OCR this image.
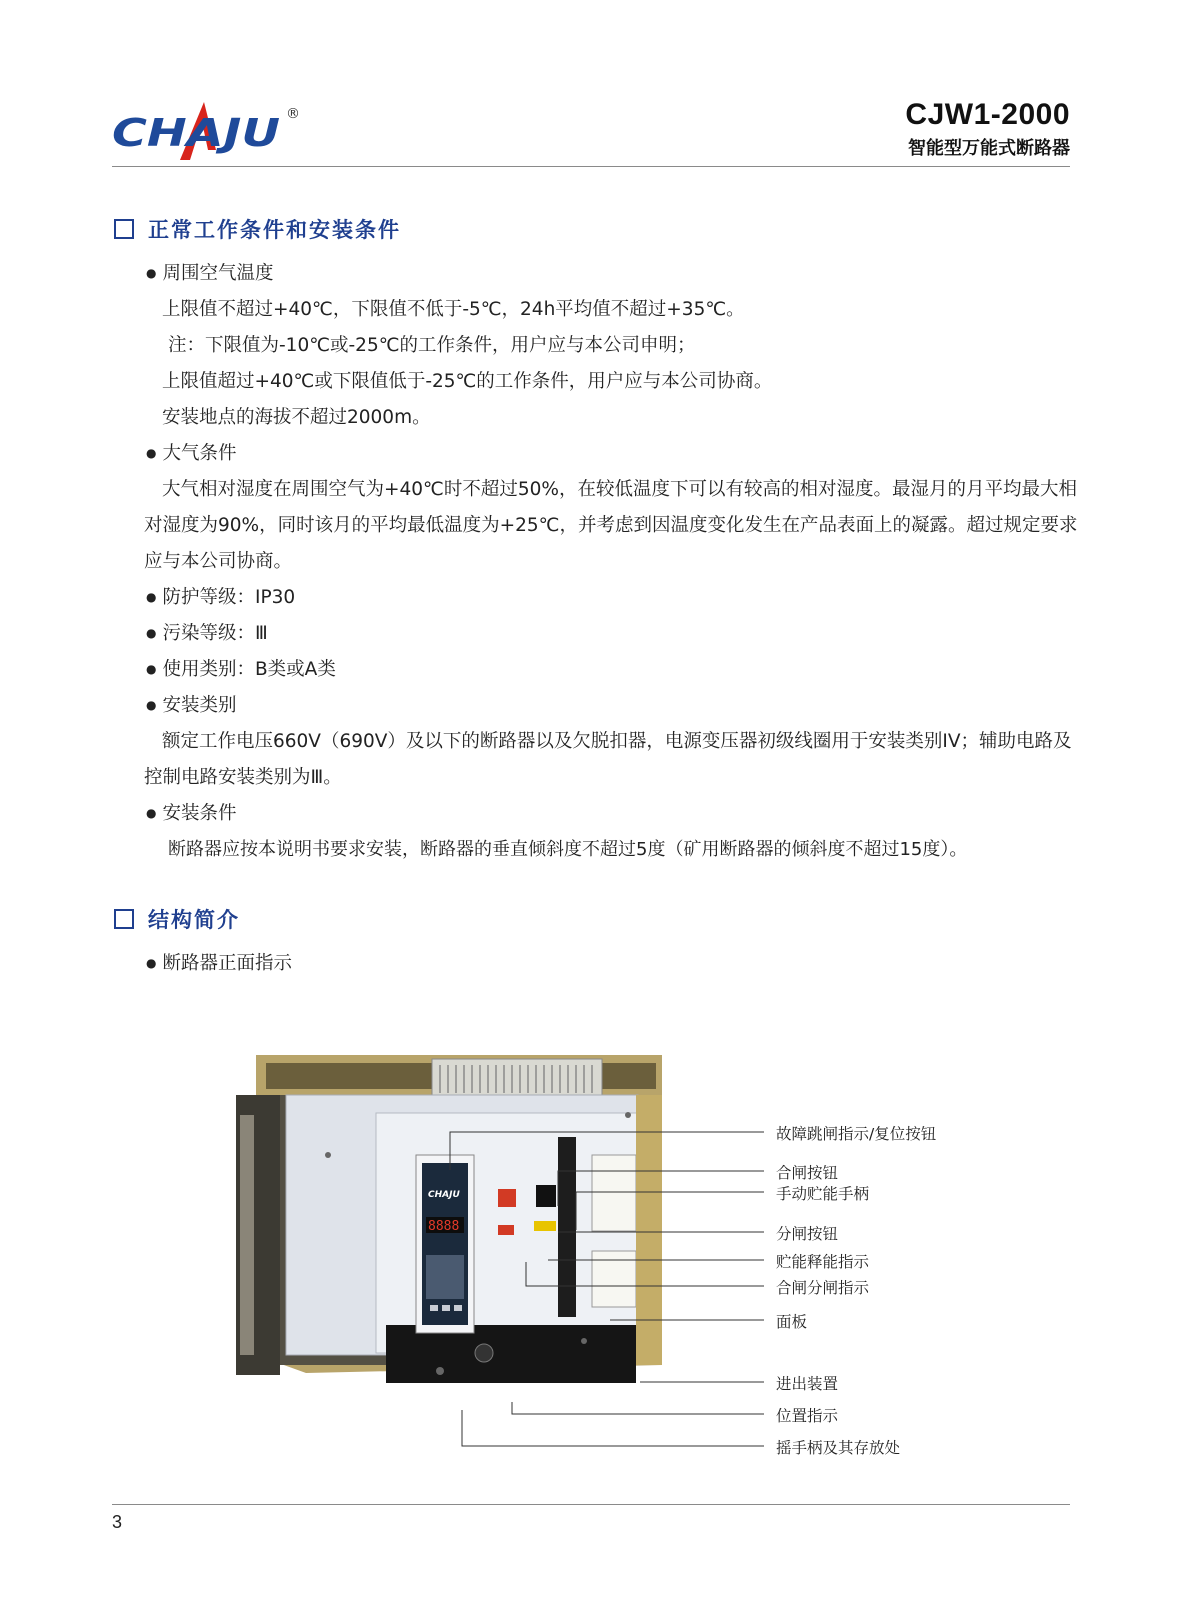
CHAJU ®	CJW1-2000
智能型万能式断路器
正常工作条件和安装条件
● 周围空气温度
上限值不超过+40℃，下限值不低于-5℃，24h平均值不超过+35℃。
注：下限值为-10℃或-25℃的工作条件，用户应与本公司申明；
上限值超过+40℃或下限值低于-25℃的工作条件，用户应与本公司协商。
安装地点的海拔不超过2000m。
● 大气条件
大气相对湿度在周围空气为+40℃时不超过50%，在较低温度下可以有较高的相对湿度。最湿月的月平均最大相对湿度为90%，同时该月的平均最低温度为+25℃，并考虑到因温度变化发生在产品表面上的凝露。超过规定要求应与本公司协商。
● 防护等级：IP30
● 污染等级：Ⅲ
● 使用类别：B类或A类
● 安装类别
额定工作电压660V（690V）及以下的断路器以及欠脱扣器，电源变压器初级线圈用于安装类别IV；辅助电路及控制电路安装类别为Ⅲ。
● 安装条件
断路器应按本说明书要求安装，断路器的垂直倾斜度不超过5度（矿用断路器的倾斜度不超过15度）。
结构简介
● 断路器正面指示
CHAJU
8888
故障跳闸指示/复位按钮
合闸按钮
手动贮能手柄
分闸按钮
贮能释能指示
合闸分闸指示
面板
进出装置
位置指示
摇手柄及其存放处
3
